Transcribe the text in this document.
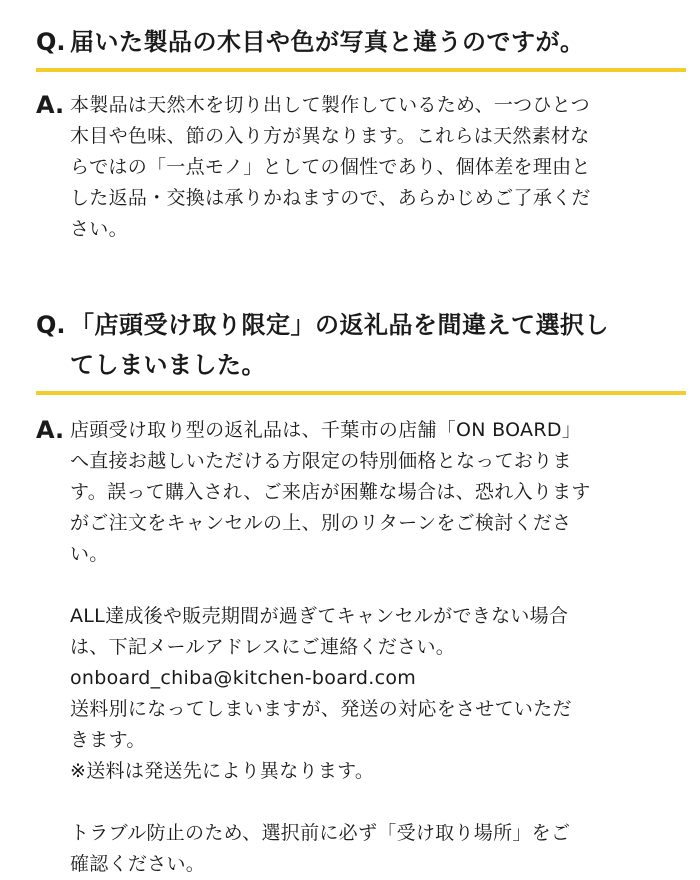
Q. 届いた製品の木目や色が写真と違うのですが。
A. 本製品は天然木を切り出して製作しているため、一つひとつ
木目や色味、節の入り方が異なります。これらは天然素材な
らではの「一点モノ」としての個性であり、個体差を理由と
した返品・交換は承りかねますので、あらかじめご了承くだ
さい。

Q. 「店頭受け取り限定」の返礼品を間違えて選択し
てしまいました。
A. 店頭受け取り型の返礼品は、千葉市の店舗「ON BOARD」
へ直接お越しいただける方限定の特別価格となっておりま
す。誤って購入され、ご来店が困難な場合は、恐れ入ります
がご注文をキャンセルの上、別のリターンをご検討くださ
い。

ALL達成後や販売期間が過ぎてキャンセルができない場合
は、下記メールアドレスにご連絡ください。

onboard_chiba@kitchen-board.com

送料別になってしまいますが、発送の対応をさせていただ
きます。

※送料は発送先により異なります。

トラブル防止のため、選択前に必ず「受け取り場所」をご
確認ください。
